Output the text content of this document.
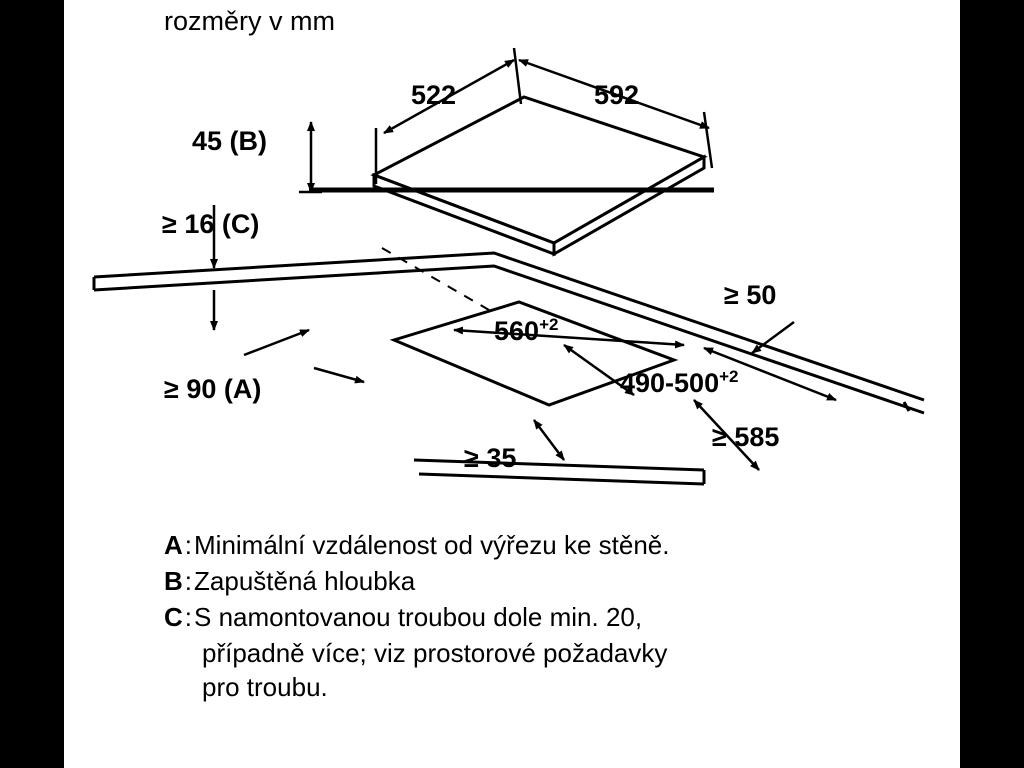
rozměry v mm
522	592
45 (B)
≥ 16 (C)
$560^{+2}$
$490-500^{+2}$
≥ 90 (A)
≥ 35
≥ 50
≥ 585
A : Minimální vzdálenost od výřezu ke stěně.
B : Zapuštěná hloubka
C : S namontovanou troubou dole min. 20,
případně více; viz prostorové požadavky
pro troubu.
